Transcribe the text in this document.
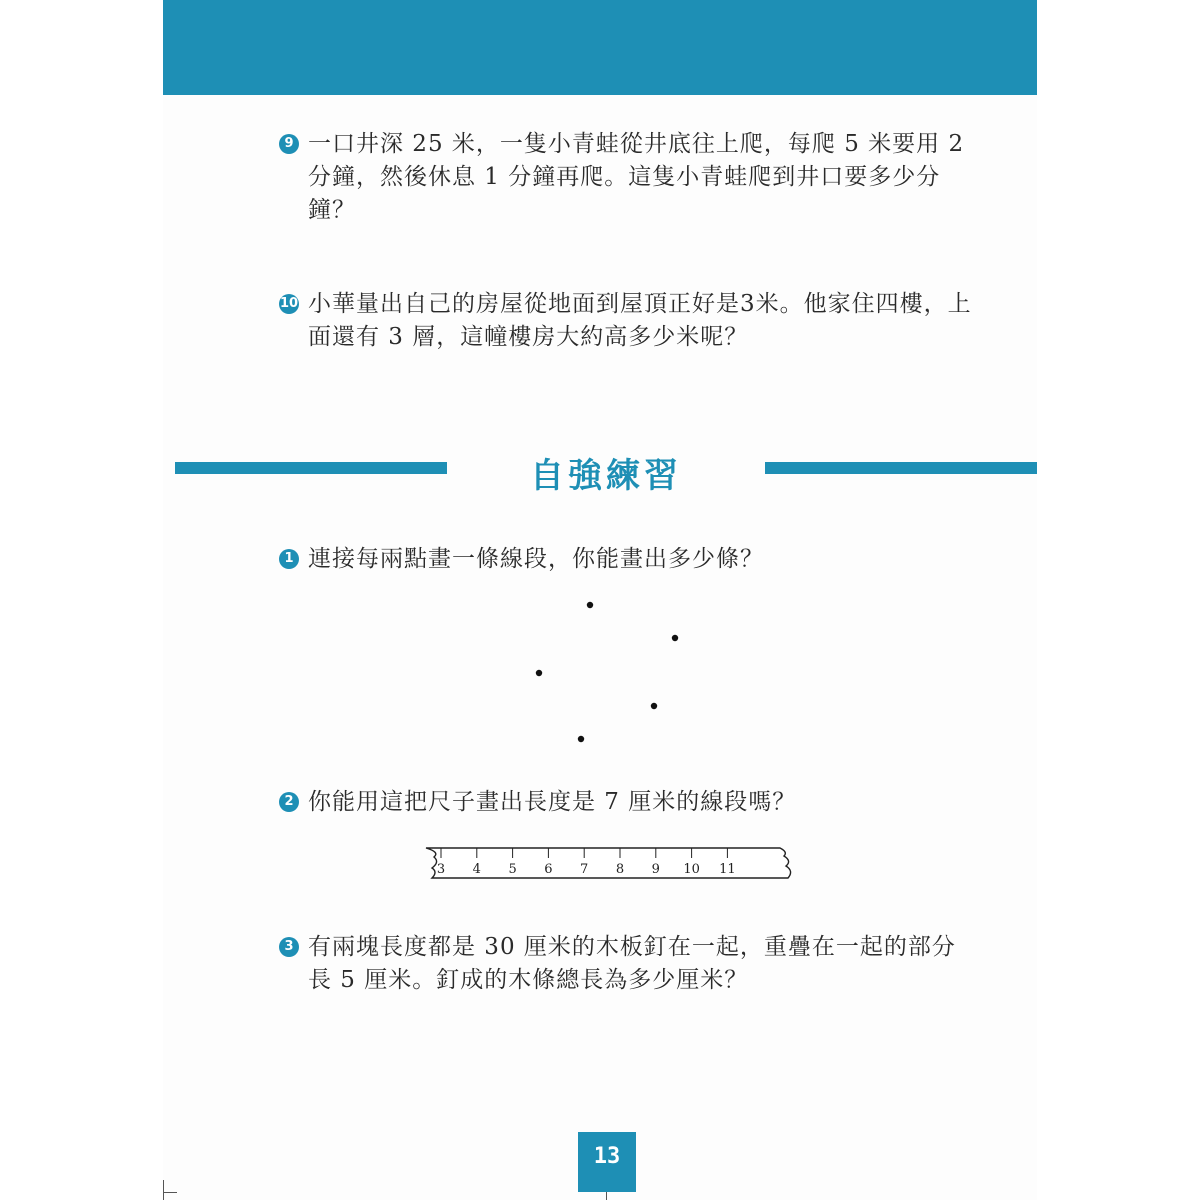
9 一口井深 25 米，一隻小青蛙從井底往上爬，每爬 5 米要用 2 分鐘，然後休息 1 分鐘再爬。這隻小青蛙爬到井口要多少分鐘？
10 小華量出自己的房屋從地面到屋頂正好是3米。他家住四樓，上面還有 3 層，這幢樓房大約高多少米呢？
自強練習
1 連接每兩點畫一條線段，你能畫出多少條？
2 你能用這把尺子畫出長度是 7 厘米的線段嗎？
3 4 5 6 7 8 9 10 11
3 有兩塊長度都是 30 厘米的木板釘在一起，重疊在一起的部分長 5 厘米。釘成的木條總長為多少厘米？
13
